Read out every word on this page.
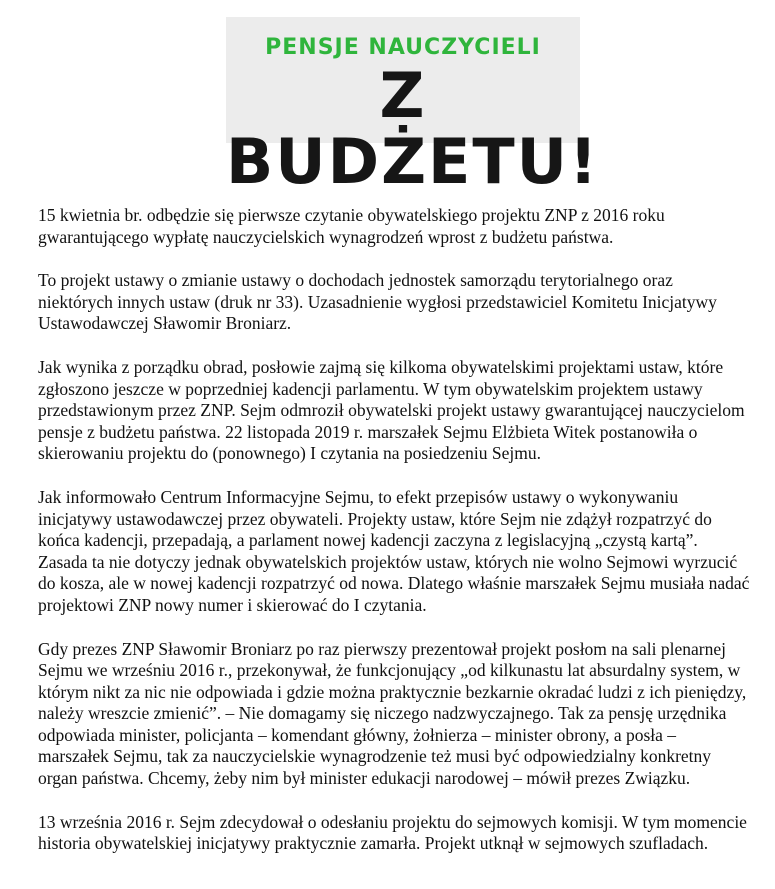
PENSJE NAUCZYCIELI
Z BUDŻETU!

15 kwietnia br. odbędzie się pierwsze czytanie obywatelskiego projektu ZNP z 2016 roku gwarantującego wypłatę nauczycielskich wynagrodzeń wprost z budżetu państwa.

To projekt ustawy o zmianie ustawy o dochodach jednostek samorządu terytorialnego oraz niektórych innych ustaw (druk nr 33). Uzasadnienie wygłosi przedstawiciel Komitetu Inicjatywy Ustawodawczej Sławomir Broniarz.

Jak wynika z porządku obrad, posłowie zajmą się kilkoma obywatelskimi projektami ustaw, które zgłoszono jeszcze w poprzedniej kadencji parlamentu. W tym obywatelskim projektem ustawy przedstawionym przez ZNP. Sejm odmroził obywatelski projekt ustawy gwarantującej nauczycielom pensje z budżetu państwa. 22 listopada 2019 r. marszałek Sejmu Elżbieta Witek postanowiła o skierowaniu projektu do (ponownego) I czytania na posiedzeniu Sejmu.

Jak informowało Centrum Informacyjne Sejmu, to efekt przepisów ustawy o wykonywaniu inicjatywy ustawodawczej przez obywateli. Projekty ustaw, które Sejm nie zdążył rozpatrzyć do końca kadencji, przepadają, a parlament nowej kadencji zaczyna z legislacyjną „czystą kartą”. Zasada ta nie dotyczy jednak obywatelskich projektów ustaw, których nie wolno Sejmowi wyrzucić do kosza, ale w nowej kadencji rozpatrzyć od nowa. Dlatego właśnie marszałek Sejmu musiała nadać projektowi ZNP nowy numer i skierować do I czytania.

Gdy prezes ZNP Sławomir Broniarz po raz pierwszy prezentował projekt posłom na sali plenarnej Sejmu we wrześniu 2016 r., przekonywał, że funkcjonujący „od kilkunastu lat absurdalny system, w którym nikt za nic nie odpowiada i gdzie można praktycznie bezkarnie okradać ludzi z ich pieniędzy, należy wreszcie zmienić”. – Nie domagamy się niczego nadzwyczajnego. Tak za pensję urzędnika odpowiada minister, policjanta – komendant główny, żołnierza – minister obrony, a posła – marszałek Sejmu, tak za nauczycielskie wynagrodzenie też musi być odpowiedzialny konkretny organ państwa. Chcemy, żeby nim był minister edukacji narodowej – mówił prezes Związku.

13 września 2016 r. Sejm zdecydował o odesłaniu projektu do sejmowych komisji. W tym momencie historia obywatelskiej inicjatywy praktycznie zamarła. Projekt utknął w sejmowych szufladach.
